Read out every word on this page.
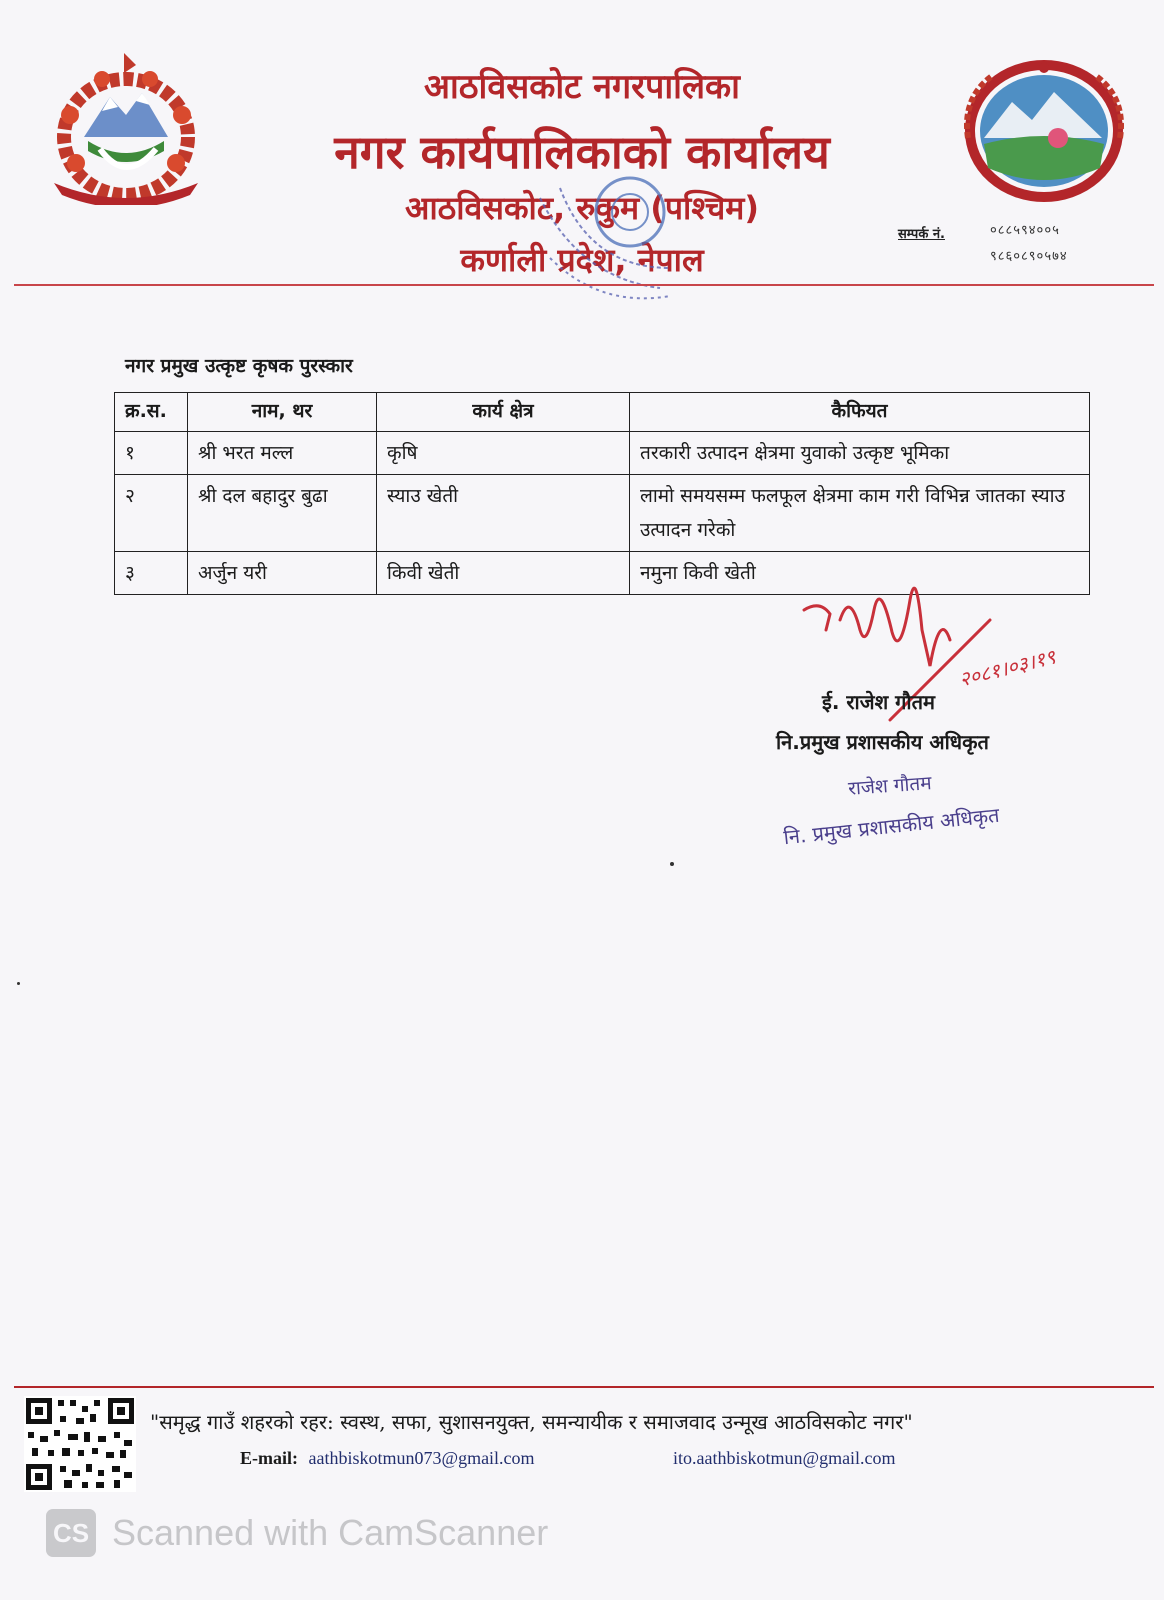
आठविसकोट नगरपालिका
नगर कार्यपालिकाको कार्यालय
आठविसकोट, रुकुम (पश्चिम)
कर्णाली प्रदेश, नेपाल
सम्पर्क नं.	०८८५९४००५
९८६०८९०५७४
नगर प्रमुख उत्कृष्ट कृषक पुरस्कार
क्र.स.	नाम, थर	कार्य क्षेत्र	कैफियत
१	श्री भरत मल्ल	कृषि	तरकारी उत्पादन क्षेत्रमा युवाको उत्कृष्ट भूमिका
२	श्री दल बहादुर बुढा	स्याउ खेती	लामो समयसम्म फलफूल क्षेत्रमा काम गरी विभिन्न जातका स्याउ उत्पादन गरेको
३	अर्जुन यरी	किवी खेती	नमुना किवी खेती
२०८१।०३।१९
ई. राजेश गौतम
नि.प्रमुख प्रशासकीय अधिकृत
राजेश गौतम
नि. प्रमुख प्रशासकीय अधिकृत
"समृद्ध गाउँ शहरको रहर: स्वस्थ, सफा, सुशासनयुक्त, समन्यायीक र समाजवाद उन्मूख आठविसकोट नगर"
E-mail: aathbiskotmun073@gmail.com	ito.aathbiskotmun@gmail.com
CS Scanned with CamScanner
